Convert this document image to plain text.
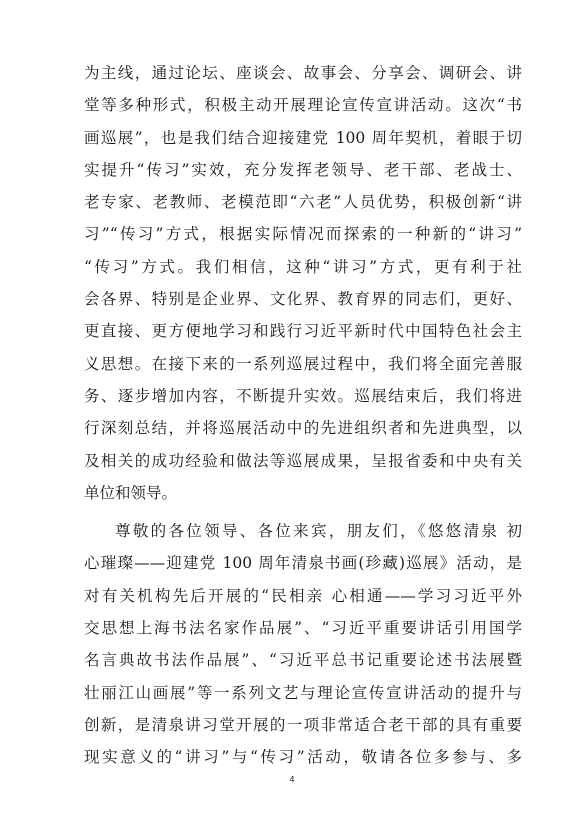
为主线，通过论坛、座谈会、故事会、分享会、调研会、讲
堂等多种形式，积极主动开展理论宣传宣讲活动。这次“书
画巡展”，也是我们结合迎接建党 100 周年契机，着眼于切
实提升“传习”实效，充分发挥老领导、老干部、老战士、
老专家、老教师、老模范即“六老”人员优势，积极创新“讲
习”“传习”方式，根据实际情况而探索的一种新的“讲习”
“传习”方式。我们相信，这种“讲习”方式，更有利于社
会各界、特别是企业界、文化界、教育界的同志们，更好、
更直接、更方便地学习和践行习近平新时代中国特色社会主
义思想。在接下来的一系列巡展过程中，我们将全面完善服
务、逐步增加内容，不断提升实效。巡展结束后，我们将进
行深刻总结，并将巡展活动中的先进组织者和先进典型，以
及相关的成功经验和做法等巡展成果，呈报省委和中央有关
单位和领导。
尊敬的各位领导、各位来宾，朋友们，《悠悠清泉 初
心璀璨——迎建党 100 周年清泉书画(珍藏)巡展》活动，是
对有关机构先后开展的“民相亲 心相通——学习习近平外
交思想上海书法名家作品展”、“习近平重要讲话引用国学
名言典故书法作品展”、“习近平总书记重要论述书法展暨
壮丽江山画展”等一系列文艺与理论宣传宣讲活动的提升与
创新，是清泉讲习堂开展的一项非常适合老干部的具有重要
现实意义的“讲习”与“传习”活动，敬请各位多参与、多
4
